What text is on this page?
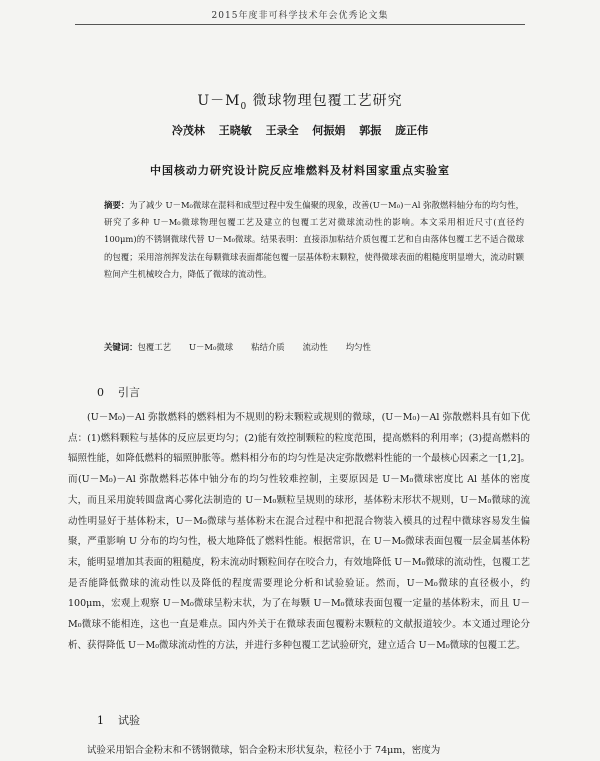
2015年度非可科学技术年会优秀论文集
$U-M_0$ 微球物理包覆工艺研究
冷茂林 王晓敏 王录全 何振娟 郭振 庞正伟
中国核动力研究设计院反应堆燃料及材料国家重点实验室
摘要：为了减少 U－M₀微球在混料和成型过程中发生偏聚的现象，改善(U－M₀)－Al 弥散燃料轴分布的均匀性，研究了多种 U－M₀微球物理包覆工艺及建立的包覆工艺对微球流动性的影响。本文采用相近尺寸(直径约 100μm)的不锈钢微球代替 U－M₀微球。结果表明：直接添加粘结介质包覆工艺和自由落体包覆工艺不适合微球的包覆；采用溶剂挥发法在每颗微球表面都能包覆一层基体粉末颗粒，使得微球表面的粗糙度明显增大，流动时颗粒间产生机械咬合力，降低了微球的流动性。
关键词：包覆工艺 U－M₀微球 粘结介质 流动性 均匀性
0 引言
(U－M₀)－Al 弥散燃料的燃料相为不规则的粉末颗粒或规则的微球，(U－M₀)－Al 弥散燃料具有如下优点：(1)燃料颗粒与基体的反应层更均匀；(2)能有效控制颗粒的粒度范围，提高燃料的利用率；(3)提高燃料的辐照性能，如降低燃料的辐照肿胀等。燃料相分布的均匀性是决定弥散燃料性能的一个最核心因素之一[1,2]。而(U－M₀)－Al 弥散燃料芯体中铀分布的均匀性较难控制，主要原因是 U－M₀微球密度比 Al 基体的密度大，而且采用旋转圆盘离心雾化法制造的 U－M₀颗粒呈规则的球形，基体粉末形状不规则，U－M₀微球的流动性明显好于基体粉末，U－M₀微球与基体粉末在混合过程中和把混合物装入模具的过程中微球容易发生偏聚，严重影响 U 分布的均匀性，极大地降低了燃料性能。根据常识，在 U－M₀微球表面包覆一层金属基体粉末，能明显增加其表面的粗糙度，粉末流动时颗粒间存在咬合力，有效地降低 U－M₀微球的流动性，包覆工艺是否能降低微球的流动性以及降低的程度需要理论分析和试验验证。然而，U－M₀微球的直径极小，约 100μm，宏观上观察 U－M₀微球呈粉末状，为了在每颗 U－M₀微球表面包覆一定量的基体粉末，而且 U－M₀微球不能相连，这也一直是难点。国内外关于在微球表面包覆粉末颗粒的文献报道较少。本文通过理论分析、获得降低 U－M₀微球流动性的方法，并进行多种包覆工艺试验研究，建立适合 U－M₀微球的包覆工艺。
1 试验
试验采用铝合金粉末和不锈钢微球，铝合金粉末形状复杂，粒径小于 74μm，密度为
